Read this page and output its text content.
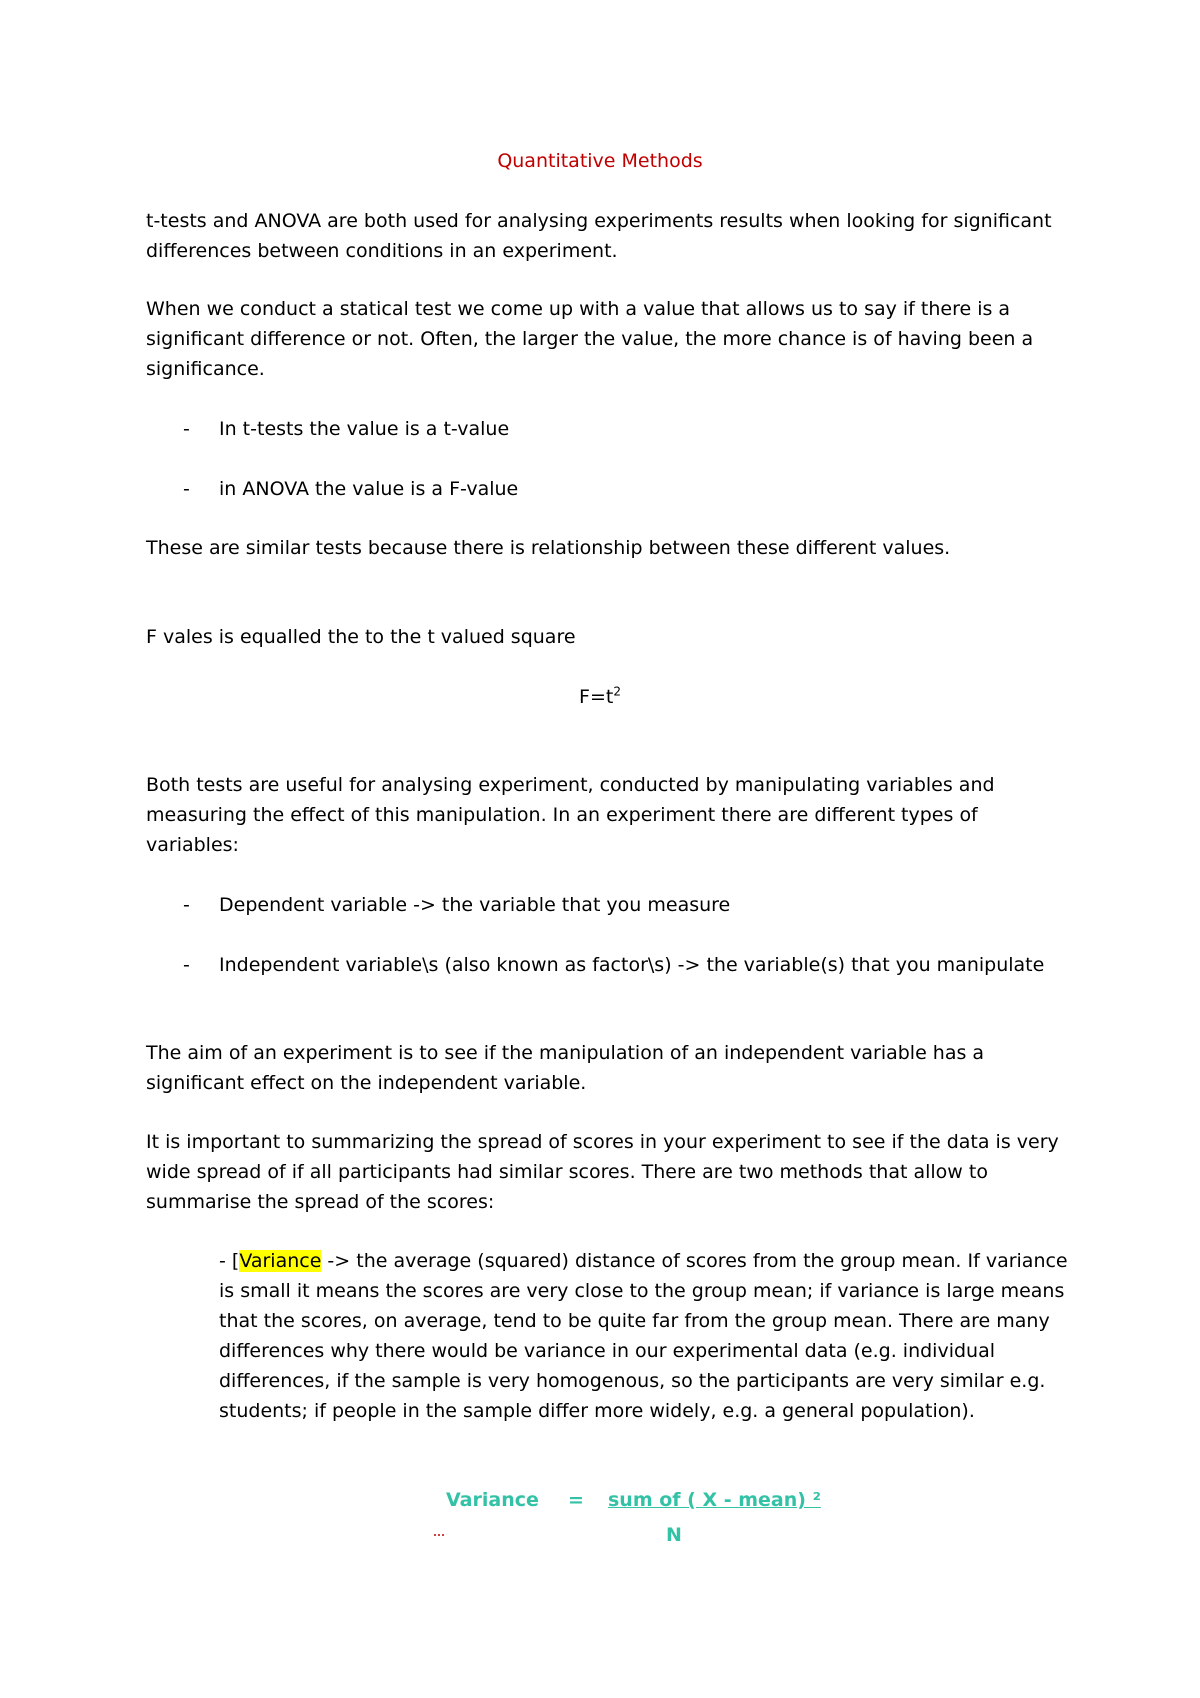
Quantitative Methods

t-tests and ANOVA are both used for analysing experiments results when looking for significant differences between conditions in an experiment.

When we conduct a statical test we come up with a value that allows us to say if there is a significant difference or not. Often, the larger the value, the more chance is of having been a significance.

- In t-tests the value is a t-value
- in ANOVA the value is a F-value

These are similar tests because there is relationship between these different values.

F vales is equalled the to the t valued square

$F=t^2$

Both tests are useful for analysing experiment, conducted by manipulating variables and measuring the effect of this manipulation. In an experiment there are different types of variables:

- Dependent variable -> the variable that you measure
- Independent variable\s (also known as factor\s) -> the variable(s) that you manipulate

The aim of an experiment is to see if the manipulation of an independent variable has a significant effect on the independent variable.

It is important to summarizing the spread of scores in your experiment to see if the data is very wide spread of if all participants had similar scores. There are two methods that allow to summarise the spread of the scores:

- [Variance -> the average (squared) distance of scores from the group mean. If variance is small it means the scores are very close to the group mean; if variance is large means that the scores, on average, tend to be quite far from the group mean. There are many differences why there would be variance in our experimental data (e.g. individual differences, if the sample is very homogenous, so the participants are very similar e.g. students; if people in the sample differ more widely, e.g. a general population).

Variance = sum of ( X - mean) ²
N
